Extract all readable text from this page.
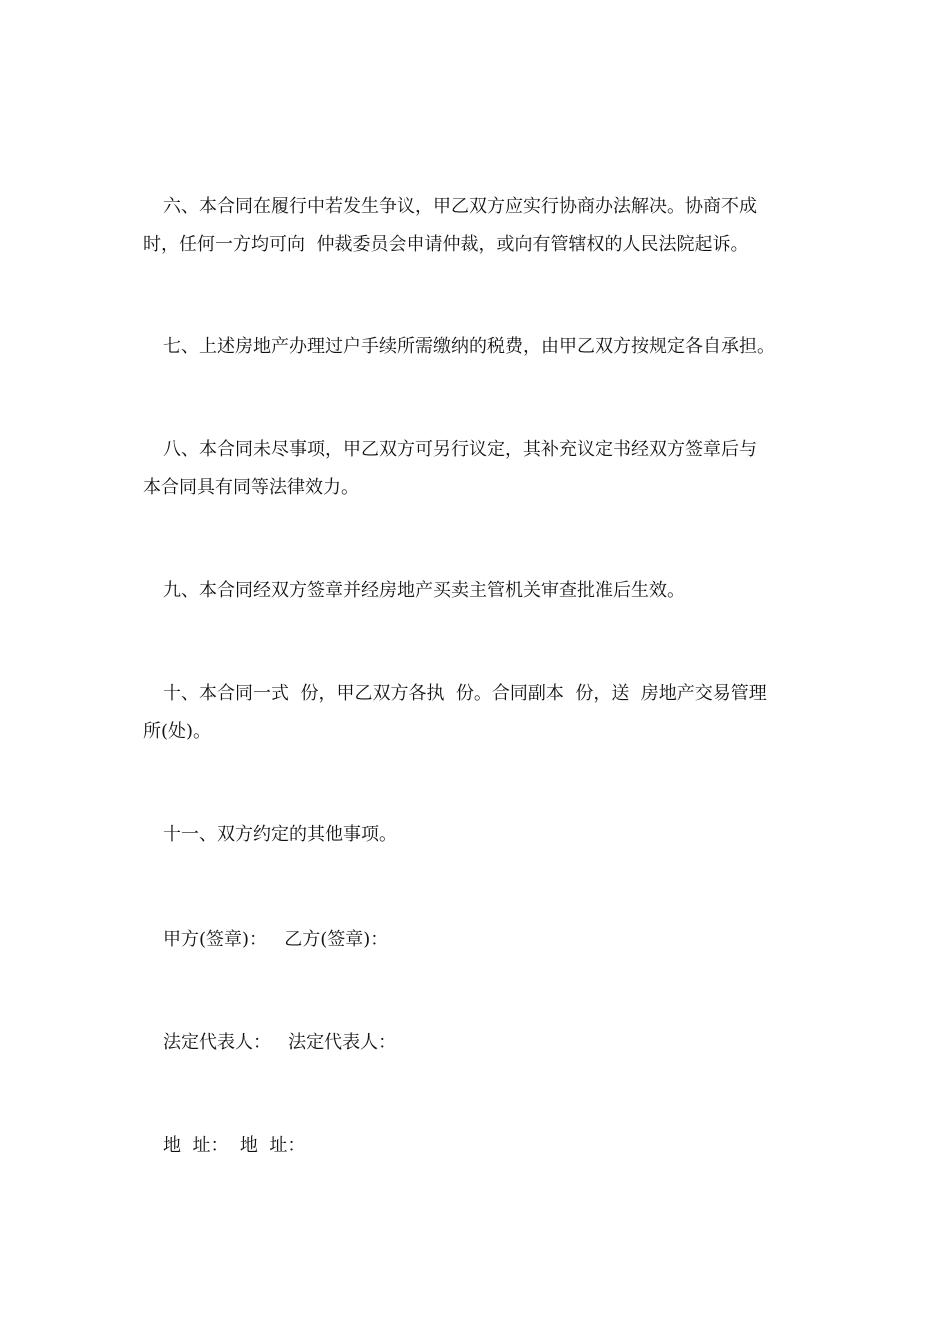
六、本合同在履行中若发生争议，甲乙双方应实行协商办法解决。协商不成
时，任何一方均可向  仲裁委员会申请仲裁，或向有管辖权的人民法院起诉。
七、上述房地产办理过户手续所需缴纳的税费，由甲乙双方按规定各自承担。
八、本合同未尽事项，甲乙双方可另行议定，其补充议定书经双方签章后与
本合同具有同等法律效力。
九、本合同经双方签章并经房地产买卖主管机关审查批准后生效。
十、本合同一式  份，甲乙双方各执  份。合同副本  份，送  房地产交易管理
所(处)。
十一、双方约定的其他事项。
甲方(签章)：   乙方(签章)：
法定代表人：   法定代表人：
地  址：  地  址：
